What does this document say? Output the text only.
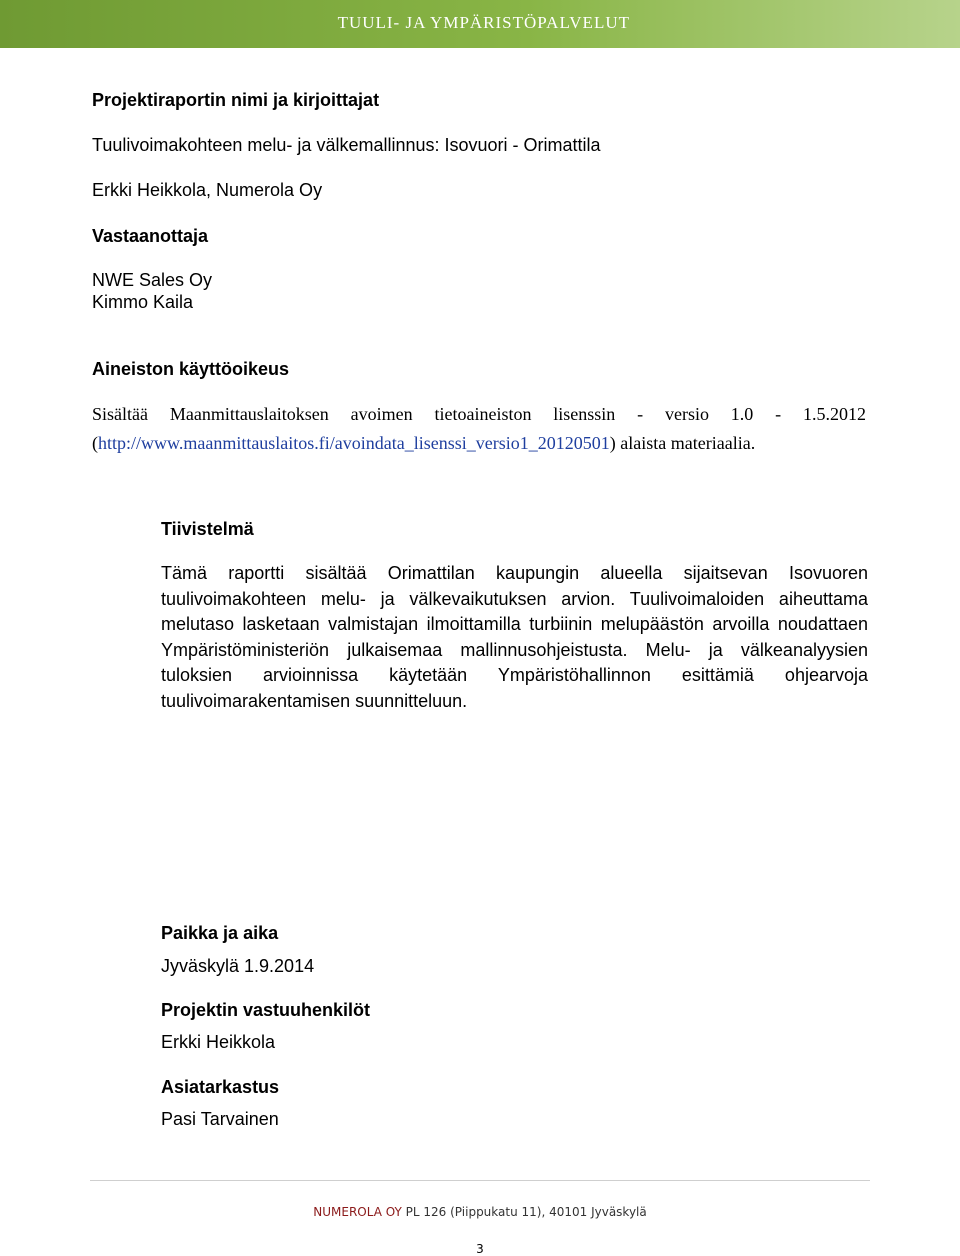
TUULI- JA YMPÄRISTÖPALVELUT
Projektiraportin nimi ja kirjoittajat
Tuulivoimakohteen melu- ja välkemallinnus: Isovuori - Orimattila
Erkki Heikkola, Numerola Oy
Vastaanottaja
NWE Sales Oy
Kimmo Kaila
Aineiston käyttöoikeus
Sisältää Maanmittauslaitoksen avoimen tietoaineiston lisenssin - versio 1.0 - 1.5.2012
(http://www.maanmittauslaitos.fi/avoindata_lisenssi_versio1_20120501) alaista materiaalia.
Tiivistelmä
Tämä raportti sisältää Orimattilan kaupungin alueella sijaitsevan Isovuoren tuulivoimakohteen melu- ja välkevaikutuksen arvion. Tuulivoimaloiden aiheuttama melutaso lasketaan valmistajan ilmoittamilla turbiinin melupäästön arvoilla noudattaen Ympäristöministeriön julkaisemaa mallinnusohjeistusta. Melu- ja välkeanalyysien tuloksien arvioinnissa käytetään Ympäristöhallinnon esittämiä ohjearvoja tuulivoimarakentamisen suunnitteluun.
Paikka ja aika
Jyväskylä 1.9.2014
Projektin vastuuhenkilöt
Erkki Heikkola
Asiatarkastus
Pasi Tarvainen
NUMEROLA OY PL 126 (Piippukatu 11), 40101 Jyväskylä
3
